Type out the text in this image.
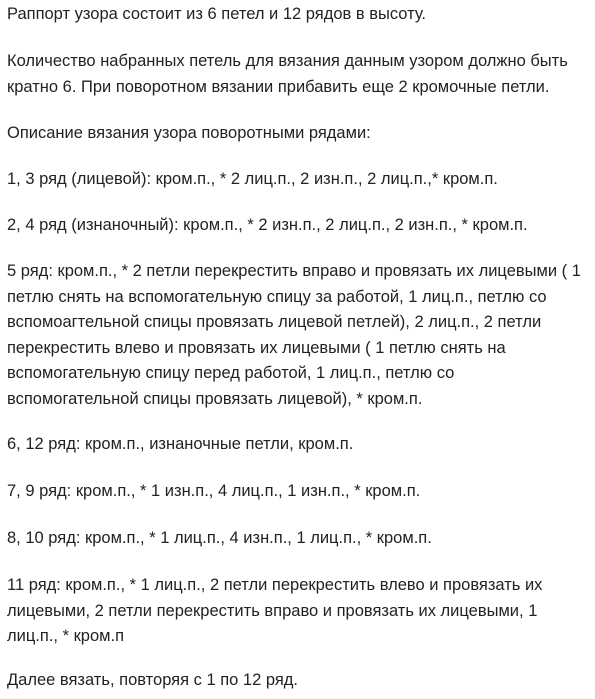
Раппорт узора состоит из 6 петел и 12 рядов в высоту.

Количество набранных петель для вязания данным узором должно быть
кратно 6. При поворотном вязании прибавить еще 2 кромочные петли.

Описание вязания узора поворотными рядами:

1, 3 ряд (лицевой): кром.п., * 2 лиц.п., 2 изн.п., 2 лиц.п.,* кром.п.

2, 4 ряд (изнаночный): кром.п., * 2 изн.п., 2 лиц.п., 2 изн.п., * кром.п.

5 ряд: кром.п., * 2 петли перекрестить вправо и провязать их лицевыми ( 1
петлю снять на вспомогательную спицу за работой, 1 лиц.п., петлю со
вспомоагтельной спицы провязать лицевой петлей), 2 лиц.п., 2 петли
перекрестить влево и провязать их лицевыми ( 1 петлю снять на
вспомогательную спицу перед работой, 1 лиц.п., петлю со
вспомогательной спицы провязать лицевой), * кром.п.

6, 12 ряд: кром.п., изнаночные петли, кром.п.

7, 9 ряд: кром.п., * 1 изн.п., 4 лиц.п., 1 изн.п., * кром.п.

8, 10 ряд: кром.п., * 1 лиц.п., 4 изн.п., 1 лиц.п., * кром.п.

11 ряд: кром.п., * 1 лиц.п., 2 петли перекрестить влево и провязать их
лицевыми, 2 петли перекрестить вправо и провязать их лицевыми, 1
лиц.п., * кром.п

Далее вязать, повторяя с 1 по 12 ряд.
